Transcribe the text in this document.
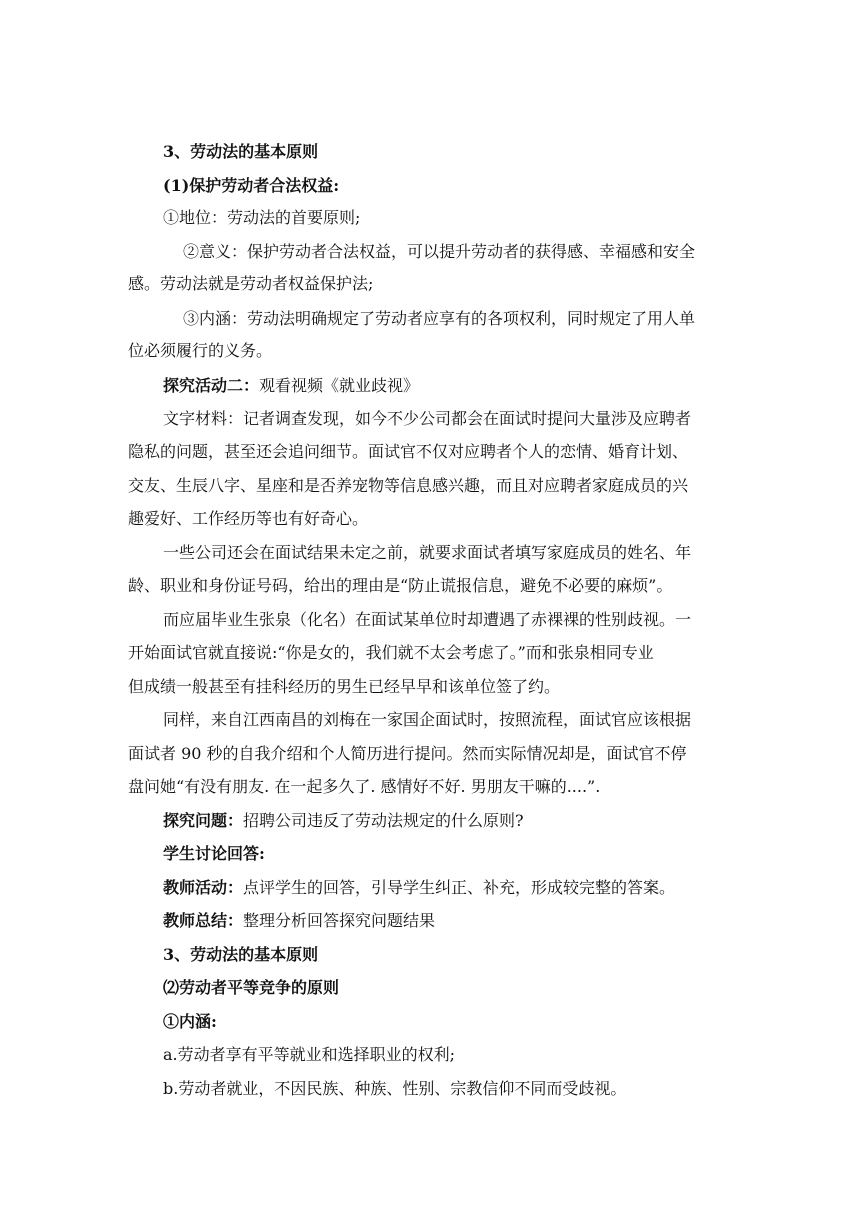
3、劳动法的基本原则
(1)保护劳动者合法权益:
①地位：劳动法的首要原则;
②意义：保护劳动者合法权益，可以提升劳动者的获得感、幸福感和安全
感。劳动法就是劳动者权益保护法;
③内涵：劳动法明确规定了劳动者应享有的各项权利，同时规定了用人单
位必须履行的义务。
探究活动二：观看视频《就业歧视》
文字材料：记者调查发现，如今不少公司都会在面试时提问大量涉及应聘者
隐私的问题，甚至还会追问细节。面试官不仅对应聘者个人的恋情、婚育计划、
交友、生辰八字、星座和是否养宠物等信息感兴趣，而且对应聘者家庭成员的兴
趣爱好、工作经历等也有好奇心。
一些公司还会在面试结果未定之前，就要求面试者填写家庭成员的姓名、年
龄、职业和身份证号码，给出的理由是“防止谎报信息，避免不必要的麻烦”。
而应届毕业生张泉（化名）在面试某单位时却遭遇了赤裸裸的性别歧视。一
开始面试官就直接说:“你是女的，我们就不太会考虑了。”而和张泉相同专业
但成绩一般甚至有挂科经历的男生已经早早和该单位签了约。
同样，来自江西南昌的刘梅在一家国企面试时，按照流程，面试官应该根据
面试者 90 秒的自我介绍和个人简历进行提问。然而实际情况却是，面试官不停
盘问她“有没有朋友. 在一起多久了. 感情好不好. 男朋友干嘛的....”.
探究问题：招聘公司违反了劳动法规定的什么原则?
学生讨论回答:
教师活动：点评学生的回答，引导学生纠正、补充，形成较完整的答案。
教师总结：整理分析回答探究问题结果
3、劳动法的基本原则
⑵劳动者平等竞争的原则
①内涵:
a.劳动者享有平等就业和选择职业的权利;
b.劳动者就业，不因民族、种族、性别、宗教信仰不同而受歧视。
